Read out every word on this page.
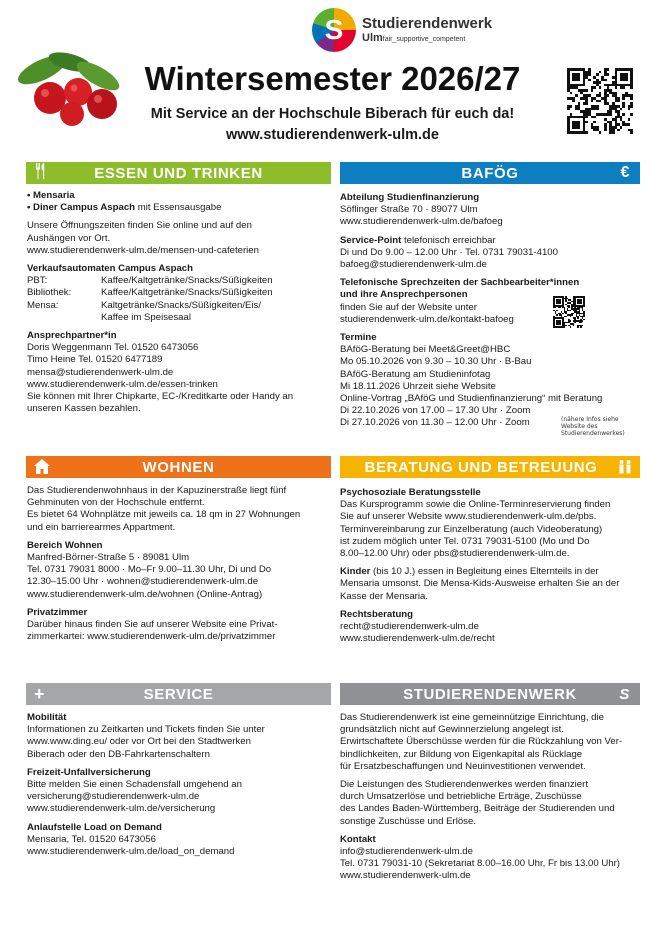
S	Studierendenwerk
Ulmfair_supportive_competent
Wintersemester 2026/27
Mit Service an der Hochschule Biberach für euch da!
www.studierendenwerk-ulm.de
ESSEN UND TRINKEN

• Mensaria

• Diner Campus Aspach mit Essensausgabe

Unsere Öffnungszeiten finden Sie online und auf den

Aushängen vor Ort.

www.studierendenwerk-ulm.de/mensen-und-cafeterien

Verkaufsautomaten Campus Aspach

PBT:	Kaffee/Kaltgetränke/Snacks/Süßigkeiten
Bibliothek:	Kaffee/Kaltgetränke/Snacks/Süßigkeiten
Mensa:	Kaltgetränke/Snacks/Süßigkeiten/Eis/
Kaffee im Speisesaal

Ansprechpartner*in

Doris Weggenmann Tel. 01520 6473056

Timo Heine Tel. 01520 6477189

mensa@studierendenwerk-ulm.de

www.studierendenwerk-ulm.de/essen-trinken

Sie können mit Ihrer Chipkarte, EC-/Kreditkarte oder Handy an

unseren Kassen bezahlen.

BAFÖG	€

Abteilung Studienfinanzierung

Söflinger Straße 70 · 89077 Ulm

www.studierendenwerk-ulm.de/bafoeg

Service-Point telefonisch erreichbar

Di und Do 9.00 – 12.00 Uhr · Tel. 0731 79031-4100

bafoeg@studierendenwerk-ulm.de

Telefonische Sprechzeiten der Sachbearbeiter*innen

und ihre Ansprechpersonen

finden Sie auf der Website unter

studierendenwerk-ulm.de/kontakt-bafoeg

Termine

BAföG-Beratung bei Meet&Greet@HBC

Mo 05.10.2026 von 9.30 – 10.30 Uhr · B-Bau

BAföG-Beratung am Studieninfotag

Mi 18.11.2026 Uhrzeit siehe Website

Online-Vortrag „BAföG und Studienfinanzierung“ mit Beratung

Di 22.10.2026 von 17.00 – 17.30 Uhr · Zoom

Di 27.10.2026 von 11.30 – 12.00 Uhr · Zoom	(nähere Infos siehe Website des Studierendenwerkes)
WOHNEN

Das Studierendenwohnhaus in der Kapuzinerstraße liegt fünf

Gehminuten von der Hochschule entfernt.

Es bietet 64 Wohnplätze mit jeweils ca. 18 qm in 27 Wohnungen

und ein barrierearmes Appartment.

Bereich Wohnen

Manfred-Börner-Straße 5 · 89081 Ulm

Tel. 0731 79031 8000 · Mo–Fr 9.00–11.30 Uhr, Di und Do

12.30–15.00 Uhr · wohnen@studierendenwerk-ulm.de

www.studierendenwerk-ulm.de/wohnen (Online-Antrag)

Privatzimmer

Darüber hinaus finden Sie auf unserer Website eine Privat-

zimmerkartei: www.studierendenwerk-ulm.de/privatzimmer

BERATUNG UND BETREUUNG

Psychosoziale Beratungsstelle

Das Kursprogramm sowie die Online-Terminreservierung finden

Sie auf unserer Website www.studierendenwerk-ulm.de/pbs.

Terminvereinbarung zur Einzelberatung (auch Videoberatung)

ist zudem möglich unter Tel. 0731 79031-5100 (Mo und Do

8.00–12.00 Uhr) oder pbs@studierendenwerk-ulm.de.

Kinder (bis 10 J.) essen in Begleitung eines Elternteils in der

Mensaria umsonst. Die Mensa-Kids-Ausweise erhalten Sie an der

Kasse der Mensaria.

Rechtsberatung

recht@studierendenwerk-ulm.de

www.studierendenwerk-ulm.de/recht

+	SERVICE

Mobilität

Informationen zu Zeitkarten und Tickets finden Sie unter

www.www.ding.eu/ oder vor Ort bei den Stadtwerken

Biberach oder den DB-Fahrkartenschaltern

Freizeit-Unfallversicherung

Bitte melden Sie einen Schadensfall umgehend an

versicherung@studierendenwerk-ulm.de

www.studierendenwerk-ulm.de/versicherung

Anlaufstelle Load on Demand

Mensaria, Tel. 01520 6473056

www.studierendenwerk-ulm.de/load_on_demand

STUDIERENDENWERK	S

Das Studierendenwerk ist eine gemeinnützige Einrichtung, die

grundsätzlich nicht auf Gewinnerzielung angelegt ist.

Erwirtschaftete Überschüsse werden für die Rückzahlung von Ver-

bindlichkeiten, zur Bildung von Eigenkapital als Rücklage

für Ersatzbeschaffungen und Neuinvestitionen verwendet.

Die Leistungen des Studierendenwerkes werden finanziert

durch Umsatzerlöse und betriebliche Erträge, Zuschüsse

des Landes Baden-Württemberg, Beiträge der Studierenden und

sonstige Zuschüsse und Erlöse.

Kontakt

info@studierendenwerk-ulm.de

Tel. 0731 79031-10 (Sekretariat 8.00–16.00 Uhr, Fr bis 13.00 Uhr)

www.studierendenwerk-ulm.de
